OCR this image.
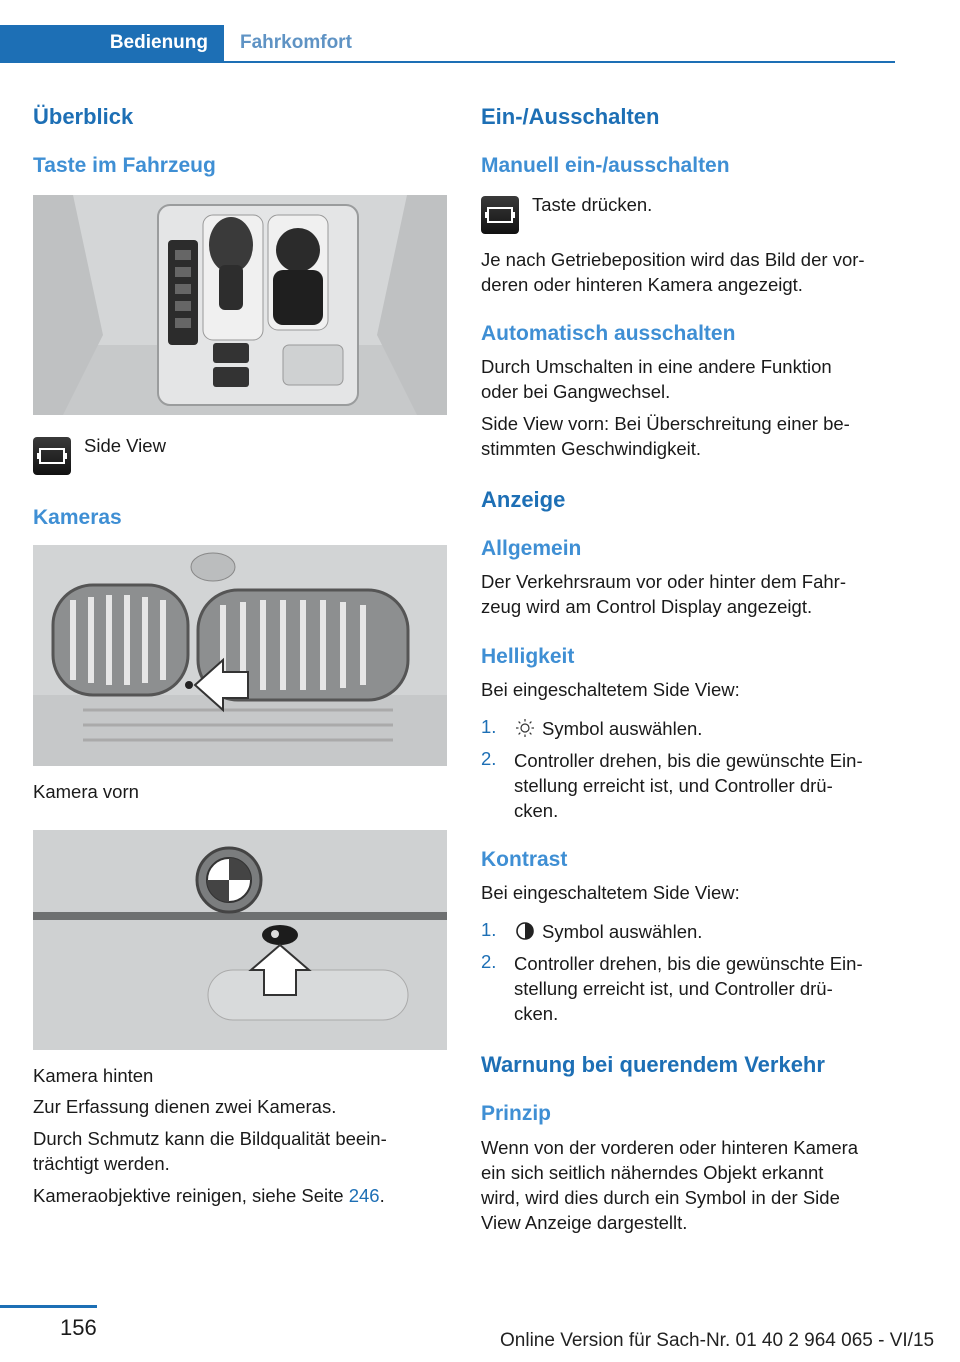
Bedienung	Fahrkomfort
Überblick
Taste im Fahrzeug
Side View
Kameras
Kamera vorn
Kamera hinten
Zur Erfassung dienen zwei Kameras.
Durch Schmutz kann die Bildqualität beein-
trächtigt werden.
Kameraobjektive reinigen, siehe Seite 246.
Ein-/Ausschalten
Manuell ein-/ausschalten
Taste drücken.
Je nach Getriebeposition wird das Bild der vor-
deren oder hinteren Kamera angezeigt.
Automatisch ausschalten
Durch Umschalten in eine andere Funktion
oder bei Gangwechsel.
Side View vorn: Bei Überschreitung einer be-
stimmten Geschwindigkeit.
Anzeige
Allgemein
Der Verkehrsraum vor oder hinter dem Fahr-
zeug wird am Control Display angezeigt.
Helligkeit
Bei eingeschaltetem Side View:
1. Symbol auswählen.
2. Controller drehen, bis die gewünschte Ein-
stellung erreicht ist, und Controller drü-
cken.
Kontrast
Bei eingeschaltetem Side View:
1. Symbol auswählen.
2. Controller drehen, bis die gewünschte Ein-
stellung erreicht ist, und Controller drü-
cken.
Warnung bei querendem Verkehr
Prinzip
Wenn von der vorderen oder hinteren Kamera
ein sich seitlich näherndes Objekt erkannt
wird, wird dies durch ein Symbol in der Side
View Anzeige dargestellt.
156
Online Version für Sach-Nr. 01 40 2 964 065 - VI/15
